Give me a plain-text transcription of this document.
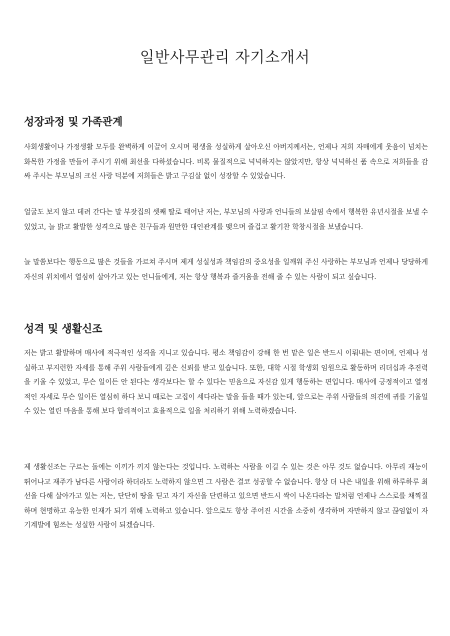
일반사무관리 자기소개서
성장과정 및 가족관계

사회생활이나 가정생활 모두를 완벽하게 이끌어 오시며 평생을 성실하게 살아오신 아버지께서는, 언제나 저희 자매에게 웃음이 넘치는 화목한 가정을 만들어 주시기 위해 최선을 다하셨습니다. 비록 물질적으로 넉넉하지는 않았지만, 항상 넉넉하신 품 속으로 저희들을 감싸 주시는 부모님의 크신 사랑 덕분에 저희들은 밝고 구김살 없이 성장할 수 있었습니다.

얼굴도 보지 않고 데려 간다는 말 부잣집의 셋째 딸로 태어난 저는, 부모님의 사랑과 언니들의 보살핌 속에서 행복한 유년시절을 보낼 수 있었고, 늘 밝고 활발한 성격으로 많은 친구들과 원만한 대인관계를 맺으며 즐겁고 활기찬 학창시절을 보냈습니다.

늘 말씀보다는 행동으로 많은 것들을 가르쳐 주시며 제게 성실성과 책임감의 중요성을 일깨워 주신 사랑하는 부모님과 언제나 당당하게 자신의 위치에서 열심히 살아가고 있는 언니들에게, 저는 항상 행복과 즐거움을 전해 줄 수 있는 사람이 되고 싶습니다.

성격 및 생활신조

저는 밝고 활발하며 매사에 적극적인 성격을 지니고 있습니다. 평소 책임감이 강해 한 번 맡은 일은 반드시 이뤄내는 편이며, 언제나 성실하고 부지런한 자세를 통해 주위 사람들에게 깊은 신뢰를 받고 있습니다. 또한, 대학 시절 학생회 임원으로 활동하며 리더십과 추진력을 키울 수 있었고, 무슨 일이든 안 된다는 생각보다는 할 수 있다는 믿음으로 자신감 있게 행동하는 편입니다. 매사에 긍정적이고 열정적인 자세로 무슨 일이든 열심히 하다 보니 때로는 고집이 세다라는 말을 들을 때가 있는데, 앞으로는 주위 사람들의 의견에 귀를 기울일 수 있는 열린 마음을 통해 보다 합리적이고 효율적으로 일을 처리하기 위해 노력하겠습니다.

제 생활신조는 구르는 돌에는 이끼가 끼지 않는다는 것입니다. 노력하는 사람을 이길 수 있는 것은 아무 것도 없습니다. 아무리 재능이 뛰어나고 재주가 남다른 사람이라 하더라도 노력하지 않으면 그 사람은 결코 성공할 수 없습니다. 항상 더 나은 내일을 위해 하루하루 최선을 다해 살아가고 있는 저는, 단단히 땅을 딛고 자기 자신을 단련하고 있으면 반드시 싹이 나온다라는 말처럼 언제나 스스로를 채찍질하며 현명하고 유능한 인재가 되기 위해 노력하고 있습니다. 앞으로도 항상 주어진 시간을 소중히 생각하며 자만하지 않고 끊임없이 자기계발에 힘쓰는 성실한 사람이 되겠습니다.
